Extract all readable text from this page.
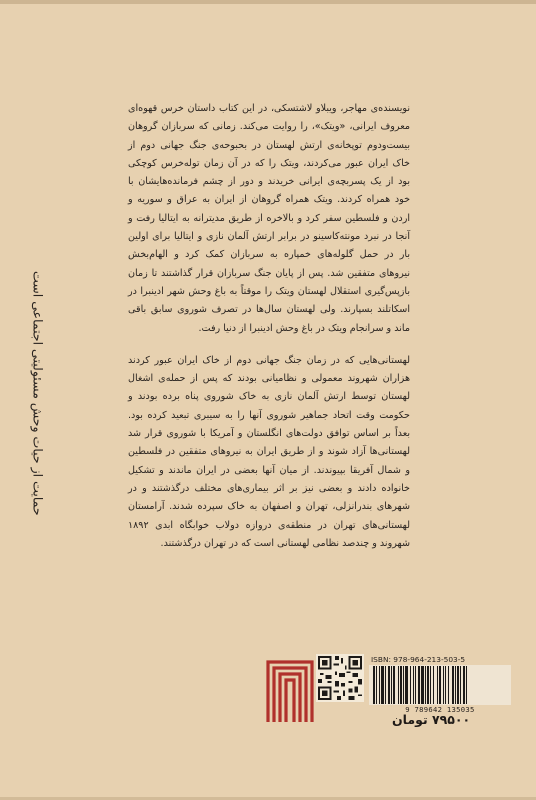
حمایت از حیات وحش مسئولیتی اجتماعی است

نویسنده‌ی مهاجر، ویبلاو لاشتسکی، در این کتاب داستان خرس قهوه‌ای معروف ایرانی، «ویتک»، را روایت می‌کند. زمانی که سربازان گروهان بیست‌ودوم توپخانه‌ی ارتش لهستان در بحبوحه‌ی جنگ جهانی دوم از خاک ایران عبور می‌کردند، ویتک را که در آن زمان توله‌خرس کوچکی بود از یک پسربچه‌ی ایرانی خریدند و دور از چشم فرمانده‌هایشان با خود همراه کردند. ویتک همراه گروهان از ایران به عراق و سوریه و اردن و فلسطین سفر کرد و بالاخره از طریق مدیترانه به ایتالیا رفت و آنجا در نبرد مونته‌کاسینو در برابر ارتش آلمان نازی و ایتالیا برای اولین بار در حمل گلوله‌های خمپاره به سربازان کمک کرد و الهام‌بخش نیروهای متفقین شد. پس از پایان جنگ سربازان قرار گذاشتند تا زمان بازپس‌گیری استقلال لهستان ویتک را موقتاً به باغ وحش شهر ادینبرا در اسکاتلند بسپارند. ولی لهستان سال‌ها در تصرف شوروی سابق باقی ماند و سرانجام ویتک در باغ وحش ادینبرا از دنیا رفت.

لهستانی‌هایی که در زمان جنگ جهانی دوم از خاک ایران عبور کردند هزاران شهروند معمولی و نظامیانی بودند که پس از حمله‌ی اشغال لهستان توسط ارتش آلمان نازی به خاک شوروی پناه برده بودند و حکومت وقت اتحاد جماهیر شوروی آنها را به سیبری تبعید کرده بود. بعداً بر اساس توافق دولت‌های انگلستان و آمریکا با شوروی قرار شد لهستانی‌ها آزاد شوند و از طریق ایران به نیروهای متفقین در فلسطین و شمال آفریقا بپیوندند. از میان آنها بعضی در ایران ماندند و تشکیل خانواده دادند و بعضی نیز بر اثر بیماری‌های مختلف درگذشتند و در شهرهای بندرانزلی، تهران و اصفهان به خاک سپرده شدند. آرامستان لهستانی‌های تهران در منطقه‌ی دروازه دولاب خوابگاه ابدی ۱۸۹۲ شهروند و چندصد نظامی لهستانی است که در تهران درگذشتند.

ISBN: 978-964-213-503-5
9 789642 135035
۷۹۵۰۰ تومان
